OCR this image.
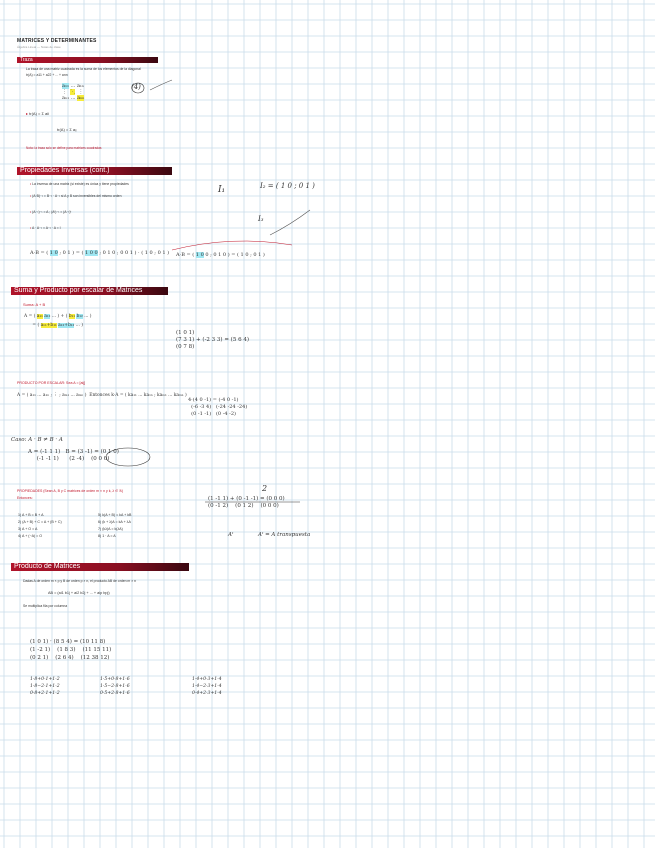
MATRICES Y DETERMINANTES
Álgebra Lineal — Notas de clase
Traza
La traza de una matriz cuadrada es la suma de los elementos de la diagonal
tr(A) = a11 + a22 + ... + ann
a₁₁ ... a₁ₙ
⋮  ⋱  ⋮
aₙ₁ ... aₙₙ
(4)
▸ tr(A) = Σ aii
tr(A) = Σ aᵢᵢ
Nota: la traza solo se define para matrices cuadradas
Propiedades Inversas (cont.)
• La inversa de una matriz (si existe) es única y tiene propiedades
• (A·B)⁻¹ = B⁻¹ · A⁻¹ si A y B son inversibles del mismo orden
• (A⁻¹)⁻¹ = A ; (Aᵗ)⁻¹ = (A⁻¹)ᵗ
• A · A⁻¹ = A⁻¹ · A = I
A·B = ( 1 0 ; 0 1 ) = ( 1 0 0 ; 0 1 0 ; 0 0 1 ) · ( 1 0 ; 0 1 ) A·B = ( 1 0 0 ; 0 1 0 ) = ( 1 0 ; 0 1 )
I₁	I₂ = ( 1 0 ; 0 1 )
I₃
Suma y Producto por escalar de Matrices
Suma: A + B
A = ( a₁₁ a₁₂ ... ) + ( b₁₁ b₁₂ ... )
= ( a₁₁+b₁₁ a₁₂+b₁₂ ... )
(1 0 1)
(7 3 1) + (-2 3 3) = (5 6 4)
(0 7 8)
PRODUCTO POR ESCALAR: Sea A = [aij]
A = ( a₁₁ ... a₁ₙ ; ⋮ ; aₘ₁ ... aₘₙ )  Entonces k·A = ( ka₁₁ ... ka₁ₙ ; kaₘ₁ ... kaₘₙ )
4·(4 0 -1) = (-4 0 -1)
(-6 -3 4)   (-24 -24 -24)
(0 -1 -1)   (0 -4 -2)
Caso: A · B ≠ B · A
A = (-1 1 1)   B = (3 -1) = (0 1 0)
(-1 -1 1)      (2 -4)    (0 0 0)
PROPIEDADES (Sean A, B y C matrices de orden m × n y k, λ ∈ ℝ)
Entonces:
1) A + B = B + A
2) (A + B) + C = A + (B + C)
3) A + O = A
4) A + (−A) = O
5) k(A + B) = kA + kB
6) (k + λ)A = kA + λA
7) (kλ)A = k(λA)
8) 1 · A = A
2
(1 -1 1) + (0 -1 -1) = (0 0 0)
(0 -1 2)    (0 1 2)    (0 0 0)
Aᵗ	Aᵗ = A transpuesta
Producto de Matrices
Dadas A de orden m × p y B de orden p × n, el producto AB de orden m × n
AB = (ai1 b1j + ai2 b2j + ... + aip bpj)
Se multiplica fila por columna
(1 0 1) · (8 5 4) = (10 11 8)
(1 -2 1)    (1 8 3)    (11 15 11)
(0 2 1)    (2 6 4)    (12 38 12)
1·8+0·1+1·2
1·8−2·1+1·2
0·8+2·1+1·2
1·5+0·8+1·6
1·5−2·8+1·6
0·5+2·8+1·6
1·4+0·3+1·4
1·4−2·3+1·4
0·4+2·3+1·4
